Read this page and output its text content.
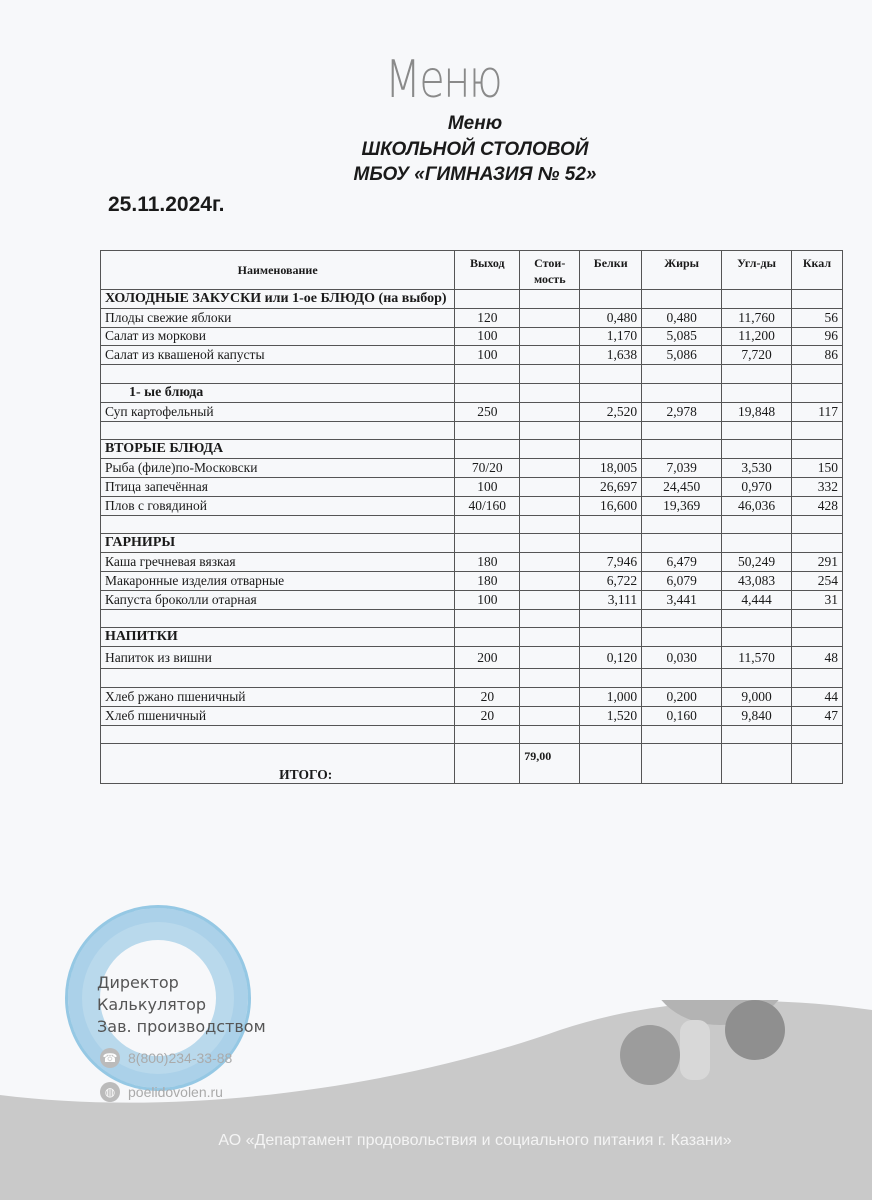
Меню
Меню
ШКОЛЬНОЙ СТОЛОВОЙ
МБОУ «ГИМНАЗИЯ № 52»
25.11.2024г.
Наименование	Выход	Стои-мость	Белки	Жиры	Угл-ды	Ккал
ХОЛОДНЫЕ ЗАКУСКИ или 1-ое БЛЮДО (на выбор)						
Плоды свежие яблоки	120		0,480	0,480	11,760	56
Салат из моркови	100		1,170	5,085	11,200	96
Салат из квашеной капусты	100		1,638	5,086	7,720	86

1- ые блюда						
Суп картофельный	250		2,520	2,978	19,848	117

ВТОРЫЕ БЛЮДА						
Рыба (филе)по-Московски	70/20		18,005	7,039	3,530	150
Птица запечённая	100		26,697	24,450	0,970	332
Плов с говядиной	40/160		16,600	19,369	46,036	428

ГАРНИРЫ						
Каша гречневая вязкая	180		7,946	6,479	50,249	291
Макаронные изделия отварные	180		6,722	6,079	43,083	254
Капуста броколли отарная	100		3,111	3,441	4,444	31

НАПИТКИ						
Напиток из вишни	200		0,120	0,030	11,570	48

Хлеб ржано пшеничный	20		1,000	0,200	9,000	44
Хлеб пшеничный	20		1,520	0,160	9,840	47

ИТОГО:		79,00				
Директор
Калькулятор
Зав. производством
☎ 8(800)234-33-88
◍ poelidovolen.ru
АО «Департамент продовольствия и социального питания г. Казани»
